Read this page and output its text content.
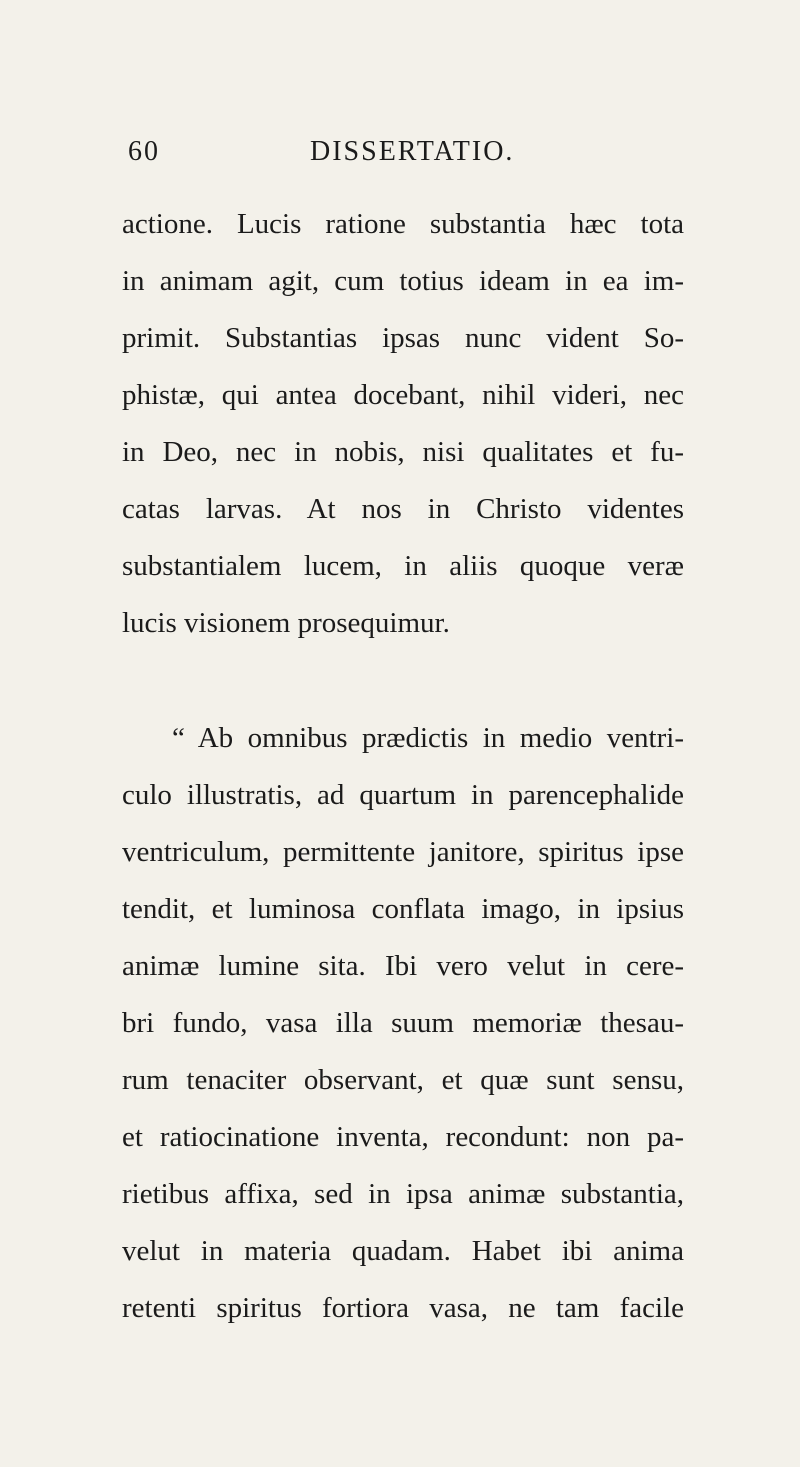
60	DISSERTATIO.
actione. Lucis ratione substantia hæc tota
in animam agit, cum totius ideam in ea im-
primit. Substantias ipsas nunc vident So-
phistæ, qui antea docebant, nihil videri, nec
in Deo, nec in nobis, nisi qualitates et fu-
catas larvas. At nos in Christo videntes
substantialem lucem, in aliis quoque veræ
lucis visionem prosequimur.
“ Ab omnibus prædictis in medio ventri-
culo illustratis, ad quartum in parencephalide
ventriculum, permittente janitore, spiritus ipse
tendit, et luminosa conflata imago, in ipsius
animæ lumine sita. Ibi vero velut in cere-
bri fundo, vasa illa suum memoriæ thesau-
rum tenaciter observant, et quæ sunt sensu,
et ratiocinatione inventa, recondunt: non pa-
rietibus affixa, sed in ipsa animæ substantia,
velut in materia quadam. Habet ibi anima
retenti spiritus fortiora vasa, ne tam facile
